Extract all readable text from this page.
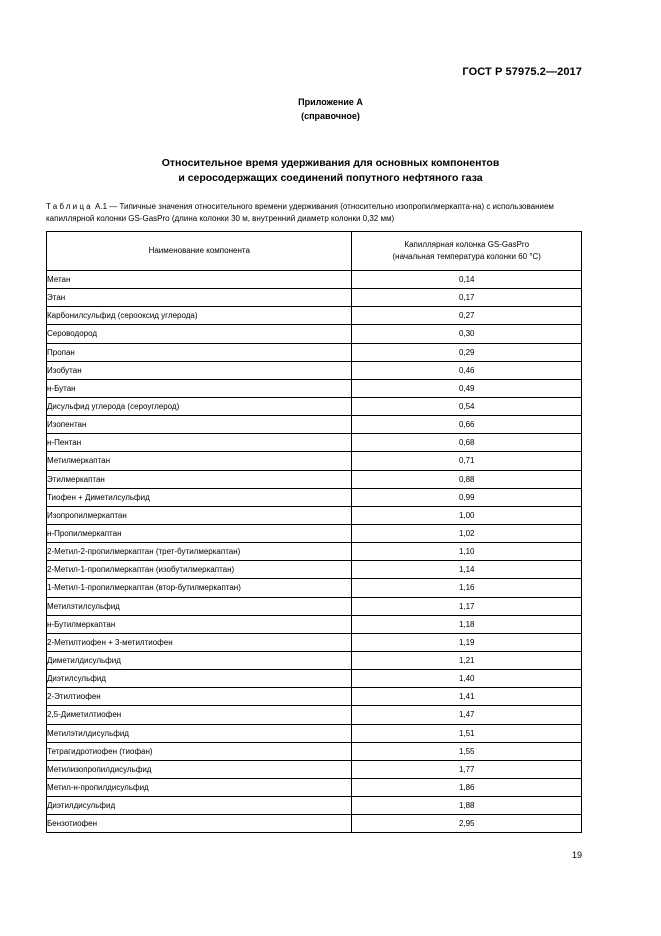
ГОСТ Р 57975.2—2017
Приложение А
(справочное)
Относительное время удерживания для основных компонентов
и серосодержащих соединений попутного нефтяного газа
Таблица А.1 — Типичные значения относительного времени удерживания (относительно изопропилмеркапта-на) с использованием капиллярной колонки GS-GasPro (длина колонки 30 м, внутренний диаметр колонки 0,32 мм)
Наименование компонента	Капиллярная колонка GS-GasPro
(начальная температура колонки 60 °С)

Метан	0,14
Этан	0,17
Карбонилсульфид (серооксид углерода)	0,27
Сероводород	0,30
Пропан	0,29
Изобутан	0,46
н-Бутан	0,49
Дисульфид углерода (сероуглерод)	0,54
Изопентан	0,66
н-Пентан	0,68
Метилмеркаптан	0,71
Этилмеркаптан	0,88
Тиофен + Диметилсульфид	0,99
Изопропилмеркаптан	1,00
н-Пропилмеркаптан	1,02
2-Метил-2-пропилмеркаптан (трет-бутилмеркаптан)	1,10
2-Метил-1-пропилмеркаптан (изобутилмеркаптан)	1,14
1-Метил-1-пропилмеркаптан (втор-бутилмеркаптан)	1,16
Метилэтилсульфид	1,17
н-Бутилмеркаптан	1,18
2-Метилтиофен + 3-метилтиофен	1,19
Диметилдисульфид	1,21
Диэтилсульфид	1,40
2-Этилтиофен	1,41
2,5-Диметилтиофен	1,47
Метилэтилдисульфид	1,51
Тетрагидротиофен (тиофан)	1,55
Метилизопропилдисульфид	1,77
Метил-н-пропилдисульфид	1,86
Диэтилдисульфид	1,88
Бензотиофен	2,95
19
